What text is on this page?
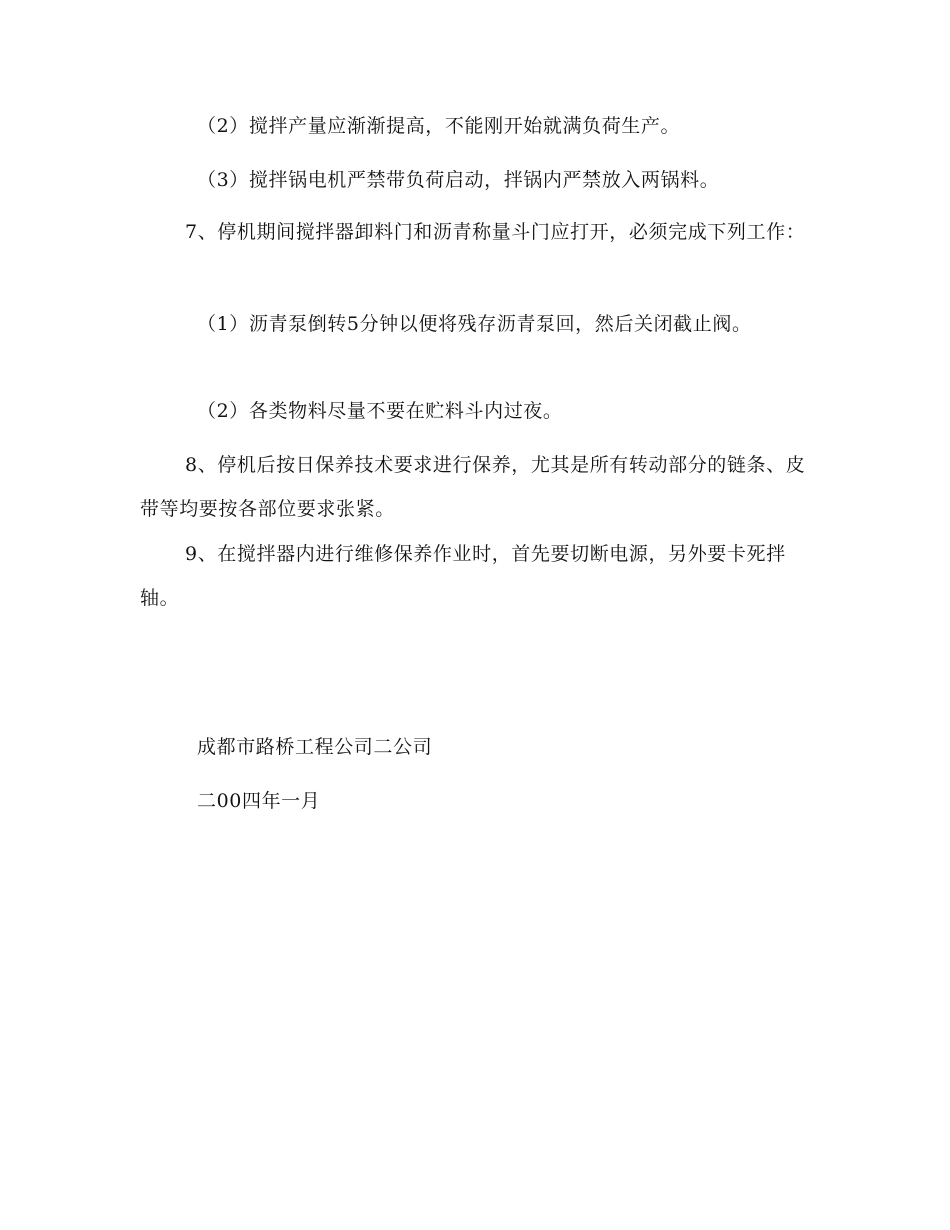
（2）搅拌产量应渐渐提高，不能刚开始就满负荷生产。

（3）搅拌锅电机严禁带负荷启动，拌锅内严禁放入两锅料。

7、停机期间搅拌器卸料门和沥青称量斗门应打开，必须完成下列工作：

（1）沥青泵倒转5分钟以便将残存沥青泵回，然后关闭截止阀。

（2）各类物料尽量不要在贮料斗内过夜。

8、停机后按日保养技术要求进行保养，尤其是所有转动部分的链条、皮带等均要按各部位要求张紧。

9、在搅拌器内进行维修保养作业时，首先要切断电源，另外要卡死拌轴。

成都市路桥工程公司二公司

二00四年一月
